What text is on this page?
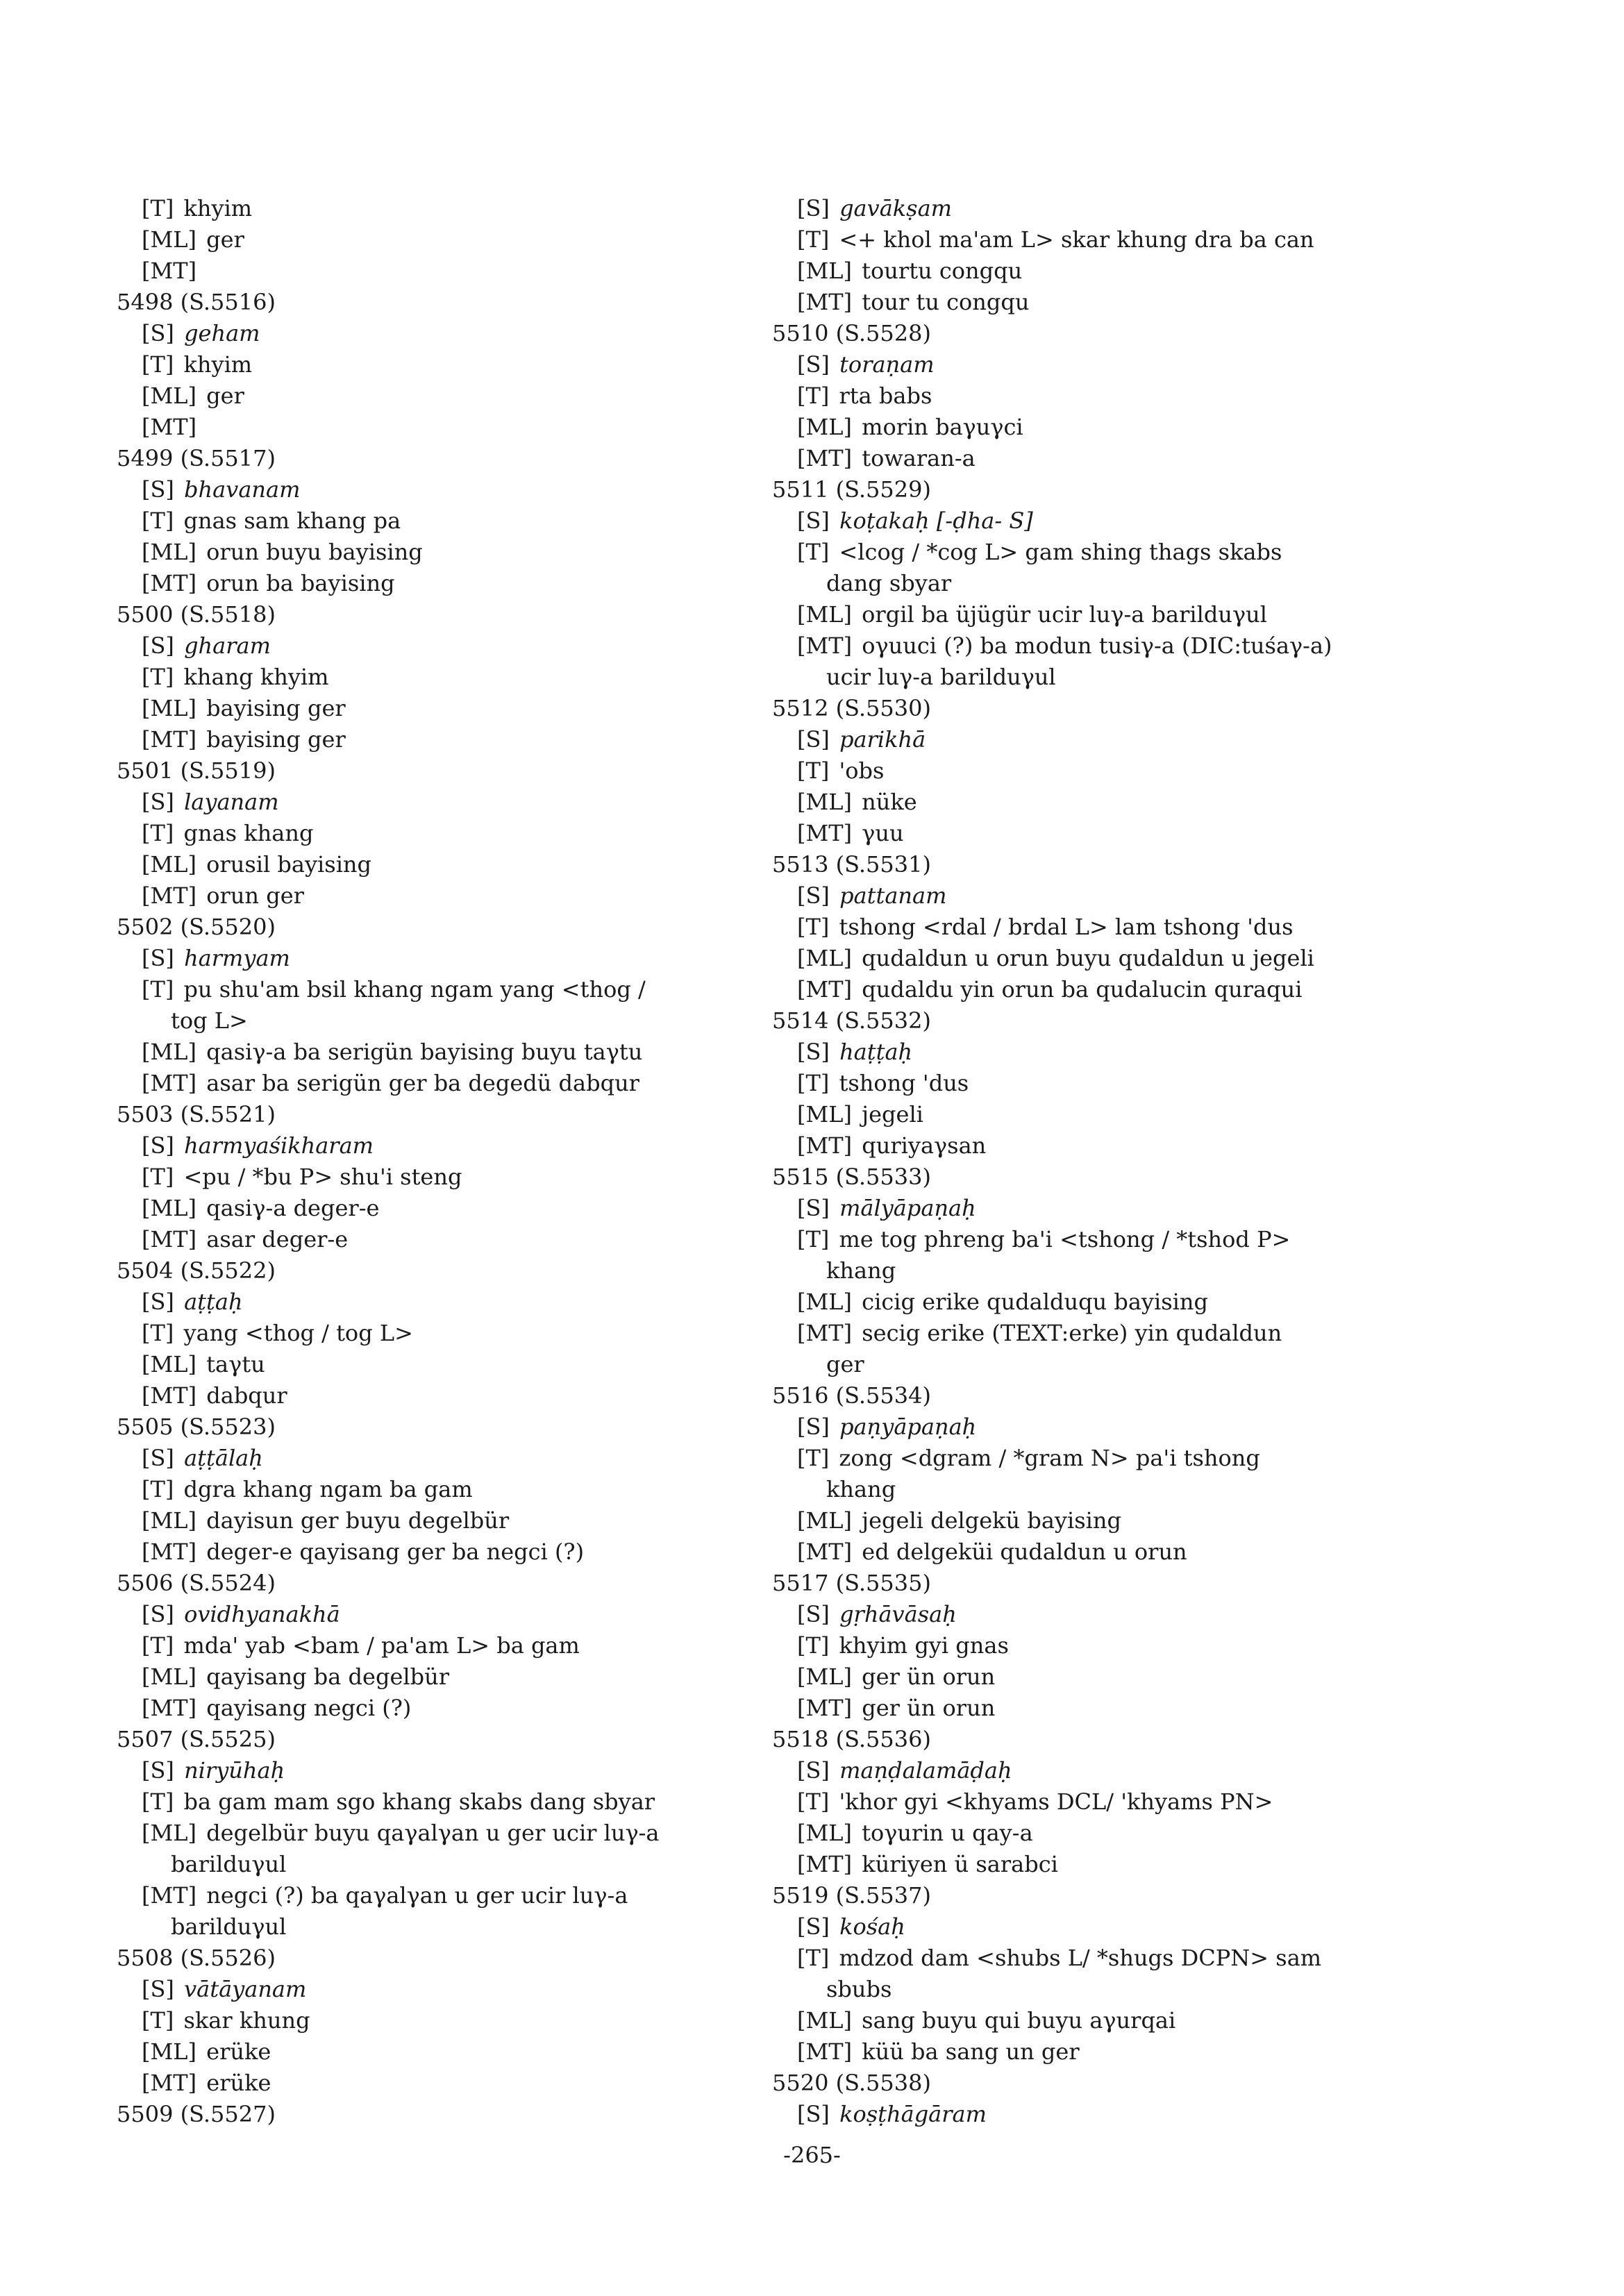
[T] khyim
[ML] ger
[MT]
5498 (S.5516)
[S] geham
[T] khyim
[ML] ger
[MT]
5499 (S.5517)
[S] bhavanam
[T] gnas sam khang pa
[ML] orun buyu bayising
[MT] orun ba bayising
5500 (S.5518)
[S] gharam
[T] khang khyim
[ML] bayising ger
[MT] bayising ger
5501 (S.5519)
[S] layanam
[T] gnas khang
[ML] orusil bayising
[MT] orun ger
5502 (S.5520)
[S] harmyam
[T] pu shu'am bsil khang ngam yang <thog /
tog L>
[ML] qasiγ-a ba serigün bayising buyu taγtu
[MT] asar ba serigün ger ba degedü dabqur
5503 (S.5521)
[S] harmyaśikharam
[T] <pu / *bu P> shu'i steng
[ML] qasiγ-a deger-e
[MT] asar deger-e
5504 (S.5522)
[S] aṭṭaḥ
[T] yang <thog / tog L>
[ML] taγtu
[MT] dabqur
5505 (S.5523)
[S] aṭṭālaḥ
[T] dgra khang ngam ba gam
[ML] dayisun ger buyu degelbür
[MT] deger-e qayisang ger ba negci (?)
5506 (S.5524)
[S] ovidhyanakhā
[T] mda' yab <bam / pa'am L> ba gam
[ML] qayisang ba degelbür
[MT] qayisang negci (?)
5507 (S.5525)
[S] niryūhaḥ
[T] ba gam mam sgo khang skabs dang sbyar
[ML] degelbür buyu qaγalγan u ger ucir luγ-a
barilduγul
[MT] negci (?) ba qaγalγan u ger ucir luγ-a
barilduγul
5508 (S.5526)
[S] vātāyanam
[T] skar khung
[ML] erüke
[MT] erüke
5509 (S.5527)
[S] gavākṣam
[T] <+ khol ma'am L> skar khung dra ba can
[ML] tourtu congqu
[MT] tour tu congqu
5510 (S.5528)
[S] toraṇam
[T] rta babs
[ML] morin baγuγci
[MT] towaran-a
5511 (S.5529)
[S] koṭakaḥ [-ḍha- S]
[T] <lcog / *cog L> gam shing thags skabs
dang sbyar
[ML] orgil ba üjügür ucir luγ-a barilduγul
[MT] oγuuci (?) ba modun tusiγ-a (DIC:tuśaγ-a)
ucir luγ-a barilduγul
5512 (S.5530)
[S] parikhā
[T] 'obs
[ML] nüke
[MT] γuu
5513 (S.5531)
[S] pattanam
[T] tshong <rdal / brdal L> lam tshong 'dus
[ML] qudaldun u orun buyu qudaldun u jegeli
[MT] qudaldu yin orun ba qudalucin quraqui
5514 (S.5532)
[S] haṭṭaḥ
[T] tshong 'dus
[ML] jegeli
[MT] quriyaγsan
5515 (S.5533)
[S] mālyāpaṇaḥ
[T] me tog phreng ba'i <tshong / *tshod P>
khang
[ML] cicig erike qudalduqu bayising
[MT] secig erike (TEXT:erke) yin qudaldun
ger
5516 (S.5534)
[S] paṇyāpaṇaḥ
[T] zong <dgram / *gram N> pa'i tshong
khang
[ML] jegeli delgekü bayising
[MT] ed delgeküi qudaldun u orun
5517 (S.5535)
[S] gṛhāvāsaḥ
[T] khyim gyi gnas
[ML] ger ün orun
[MT] ger ün orun
5518 (S.5536)
[S] maṇḍalamāḍaḥ
[T] 'khor gyi <khyams DCL/ 'khyams PN>
[ML] toγurin u qay-a
[MT] küriyen ü sarabci
5519 (S.5537)
[S] kośaḥ
[T] mdzod dam <shubs L/ *shugs DCPN> sam
sbubs
[ML] sang buyu qui buyu aγurqai
[MT] küü ba sang un ger
5520 (S.5538)
[S] koṣṭhāgāram
-265-
